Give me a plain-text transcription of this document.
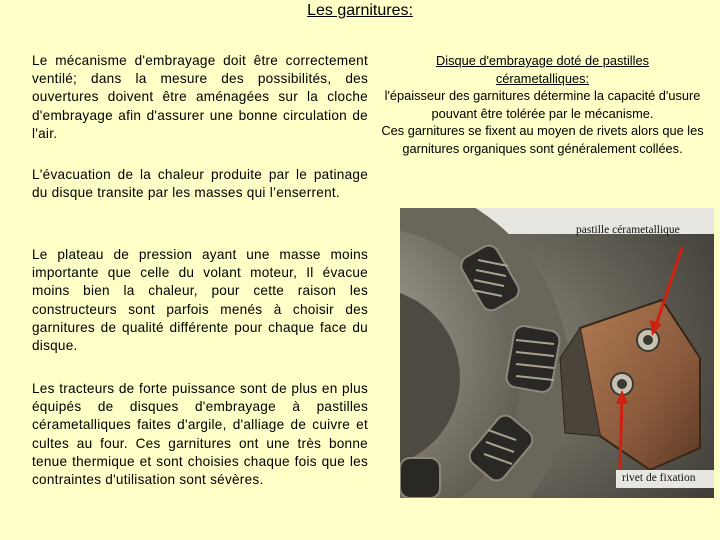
Les garnitures:

Le mécanisme d'embrayage doit être correctement ventilé; dans la mesure des possibilités, des ouvertures doivent être aménagées sur la cloche d'embrayage afin d'assurer une bonne circulation de l'air.

L'évacuation de la chaleur produite par le patinage du disque transite par les masses qui l’enserrent.

Le plateau de pression ayant une masse moins importante que celle du volant moteur, Il évacue moins bien la chaleur, pour cette raison les constructeurs sont parfois menés à choisir des garnitures de qualité différente pour chaque face du disque.

Les tracteurs de forte puissance sont de plus en plus équipés de disques d'embrayage à pastilles cérametalliques faites d'argile, d'alliage de cuivre et cultes au four. Ces garnitures ont une très bonne tenue thermique et sont choisies chaque fois que les contraintes d'utilisation sont sévères.

Disque d'embrayage doté de pastilles
cérametalliques:
l'épaisseur des garnitures détermine la capacité d'usure
pouvant être tolérée par le mécanisme.
Ces garnitures se fixent au moyen de rivets alors que les
garnitures organiques sont généralement collées.
pastille cérametallique
rivet de fixation
